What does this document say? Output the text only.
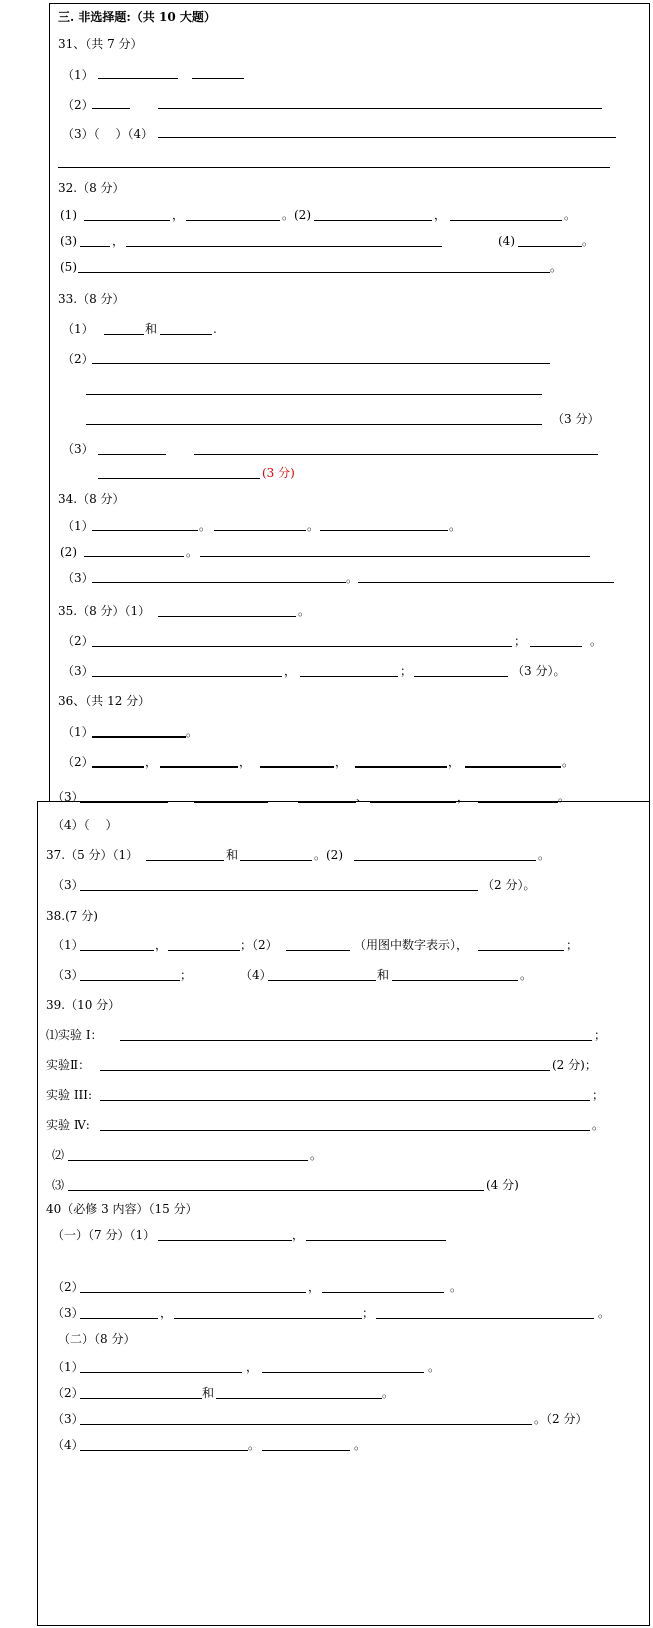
三. 非选择题:（共 10 大题）
31、（共 7 分）
（1）
（2）
（3）（　 ）（4）
32.（8 分）
(1)	，	。(2)	，	。
(3)	，	(4)	。
(5)	。
33.（8 分）
（1）	和	.
（2）
（3 分）
（3）
(3 分)
34.（8 分）
（1）	。	。	。
(2)	。
（3）	。
35.（8 分）（1）	。
（2）	；	。
（3）	，	；	（3 分）。
36、（共 12 分）
（1）	。
（2）	，	，	，	，	。
（3）	、	，	。
（4）（　 ）
37.（5 分）（1）	和	。(2)	。
（3）	（2 分）。
38.(7 分)
（1）	，	；（2）	（用图中数字表示），	；
（3）	；	（4）	和	。
39.（10 分）
⑴实验 Ⅰ：	；
实验Ⅱ：	(2 分)；
实验 III:	；
实验 Ⅳ:	。
⑵	。
⑶	(4 分)
40（必修 3 内容）（15 分）
（一）（7 分）（1）	，
（2）	，	。
（3）	，	；	。
（二）（8 分）
（1）	，	。
（2）	和	。
（3）	。（2 分）
（4）	。	。
